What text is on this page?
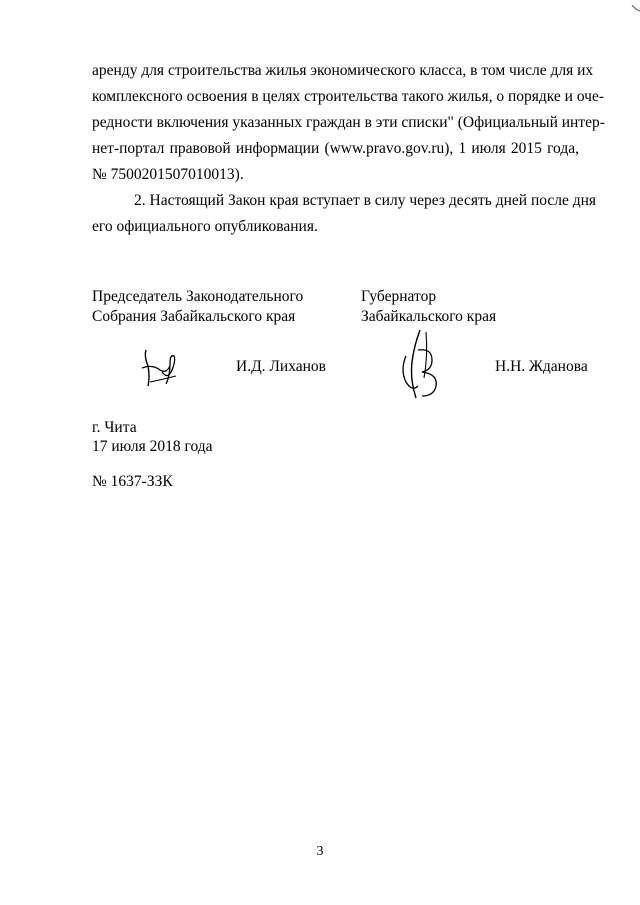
аренду для строительства жилья экономического класса, в том числе для их
комплексного освоения в целях строительства такого жилья, о порядке и оче-
редности включения указанных граждан в эти списки" (Официальный интер-
нет-портал правовой информации (www.pravo.gov.ru), 1 июля 2015 года,
№ 7500201507010013).
2. Настоящий Закон края вступает в силу через десять дней после дня
его официального опубликования.
Председатель Законодательного
Собрания Забайкальского края
Губернатор
Забайкальского края
И.Д. Лиханов	Н.Н. Жданова
г. Чита
17 июля 2018 года
№ 1637-ЗЗК
3
